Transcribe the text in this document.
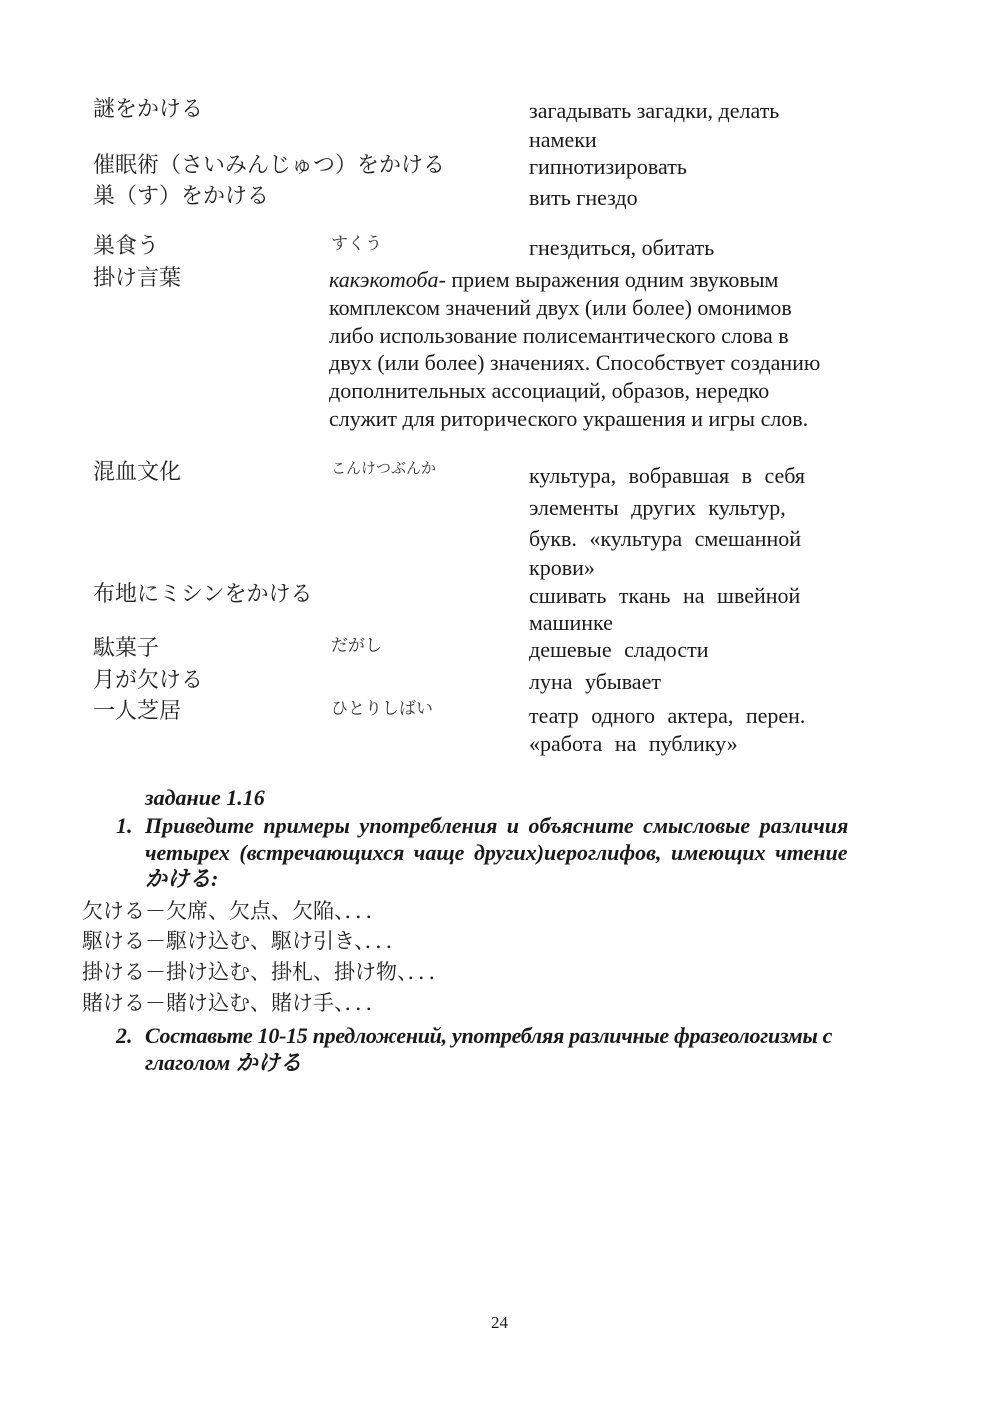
謎をかける	загадывать загадки, делать
намеки
催眠術（さいみんじゅつ）をかける	гипнотизировать
巣（す）をかける	вить гнездо
巣食う	すくう	гнездиться, обитать
掛け言葉	какэкотоба- прием выражения одним звуковым
комплексом значений двух (или более) омонимов
либо использование полисемантического слова в
двух (или более) значениях. Способствует созданию
дополнительных ассоциаций, образов, нередко
служит для риторического украшения и игры слов.
混血文化	こんけつぶんか	культура, вобравшая в себя
элементы других культур,
букв. «культура смешанной
крови»
布地にミシンをかける	сшивать ткань на швейной
машинке
駄菓子	だがし	дешевые сладости
月が欠ける	луна убывает
一人芝居	ひとりしばい	театр одного актера, перен.
«работа на публику»
задание 1.16
1. Приведите примеры употребления и объясните смысловые различия
четырех (встречающихся чаще других)иероглифов, имеющих чтение
かける:
欠ける－欠席、欠点、欠陥、．．．
駆ける－駆け込む、駆け引き、．．．
掛ける－掛け込む、掛札、掛け物、．．．
賭ける－賭け込む、賭け手、．．．
2. Составьте 10-15 предложений, употребляя различные фразеологизмы с
глаголом かける
24
